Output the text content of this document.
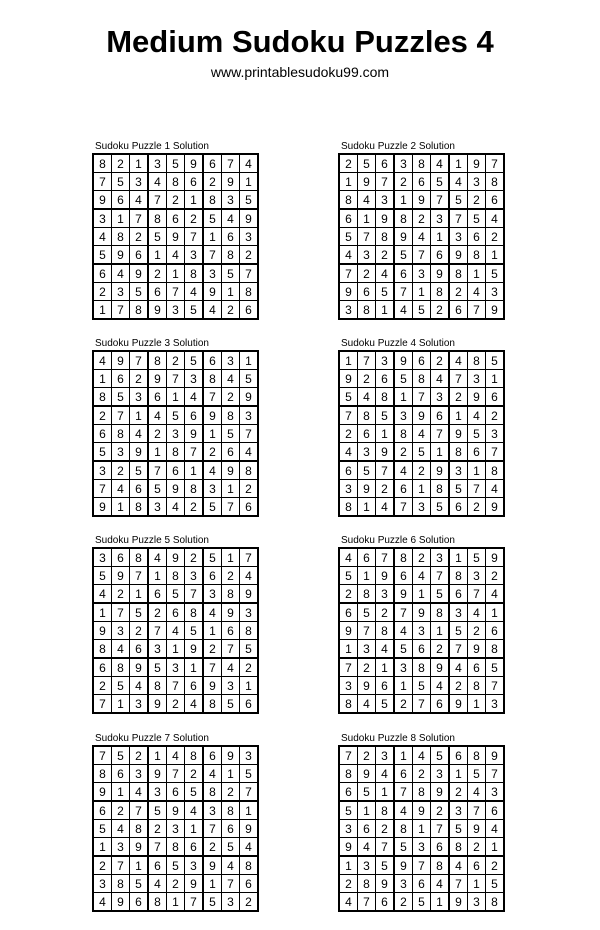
Medium Sudoku Puzzles 4
www.printablesudoku99.com
Sudoku Puzzle 1 Solution
8	2	1	3	5	9	6	7	4
7	5	3	4	8	6	2	9	1
9	6	4	7	2	1	8	3	5
3	1	7	8	6	2	5	4	9
4	8	2	5	9	7	1	6	3
5	9	6	1	4	3	7	8	2
6	4	9	2	1	8	3	5	7
2	3	5	6	7	4	9	1	8
1	7	8	9	3	5	4	2	6
Sudoku Puzzle 2 Solution
2	5	6	3	8	4	1	9	7
1	9	7	2	6	5	4	3	8
8	4	3	1	9	7	5	2	6
6	1	9	8	2	3	7	5	4
5	7	8	9	4	1	3	6	2
4	3	2	5	7	6	9	8	1
7	2	4	6	3	9	8	1	5
9	6	5	7	1	8	2	4	3
3	8	1	4	5	2	6	7	9
Sudoku Puzzle 3 Solution
4	9	7	8	2	5	6	3	1
1	6	2	9	7	3	8	4	5
8	5	3	6	1	4	7	2	9
2	7	1	4	5	6	9	8	3
6	8	4	2	3	9	1	5	7
5	3	9	1	8	7	2	6	4
3	2	5	7	6	1	4	9	8
7	4	6	5	9	8	3	1	2
9	1	8	3	4	2	5	7	6
Sudoku Puzzle 4 Solution
1	7	3	9	6	2	4	8	5
9	2	6	5	8	4	7	3	1
5	4	8	1	7	3	2	9	6
7	8	5	3	9	6	1	4	2
2	6	1	8	4	7	9	5	3
4	3	9	2	5	1	8	6	7
6	5	7	4	2	9	3	1	8
3	9	2	6	1	8	5	7	4
8	1	4	7	3	5	6	2	9
Sudoku Puzzle 5 Solution
3	6	8	4	9	2	5	1	7
5	9	7	1	8	3	6	2	4
4	2	1	6	5	7	3	8	9
1	7	5	2	6	8	4	9	3
9	3	2	7	4	5	1	6	8
8	4	6	3	1	9	2	7	5
6	8	9	5	3	1	7	4	2
2	5	4	8	7	6	9	3	1
7	1	3	9	2	4	8	5	6
Sudoku Puzzle 6 Solution
4	6	7	8	2	3	1	5	9
5	1	9	6	4	7	8	3	2
2	8	3	9	1	5	6	7	4
6	5	2	7	9	8	3	4	1
9	7	8	4	3	1	5	2	6
1	3	4	5	6	2	7	9	8
7	2	1	3	8	9	4	6	5
3	9	6	1	5	4	2	8	7
8	4	5	2	7	6	9	1	3
Sudoku Puzzle 7 Solution
7	5	2	1	4	8	6	9	3
8	6	3	9	7	2	4	1	5
9	1	4	3	6	5	8	2	7
6	2	7	5	9	4	3	8	1
5	4	8	2	3	1	7	6	9
1	3	9	7	8	6	2	5	4
2	7	1	6	5	3	9	4	8
3	8	5	4	2	9	1	7	6
4	9	6	8	1	7	5	3	2
Sudoku Puzzle 8 Solution
7	2	3	1	4	5	6	8	9
8	9	4	6	2	3	1	5	7
6	5	1	7	8	9	2	4	3
5	1	8	4	9	2	3	7	6
3	6	2	8	1	7	5	9	4
9	4	7	5	3	6	8	2	1
1	3	5	9	7	8	4	6	2
2	8	9	3	6	4	7	1	5
4	7	6	2	5	1	9	3	8
